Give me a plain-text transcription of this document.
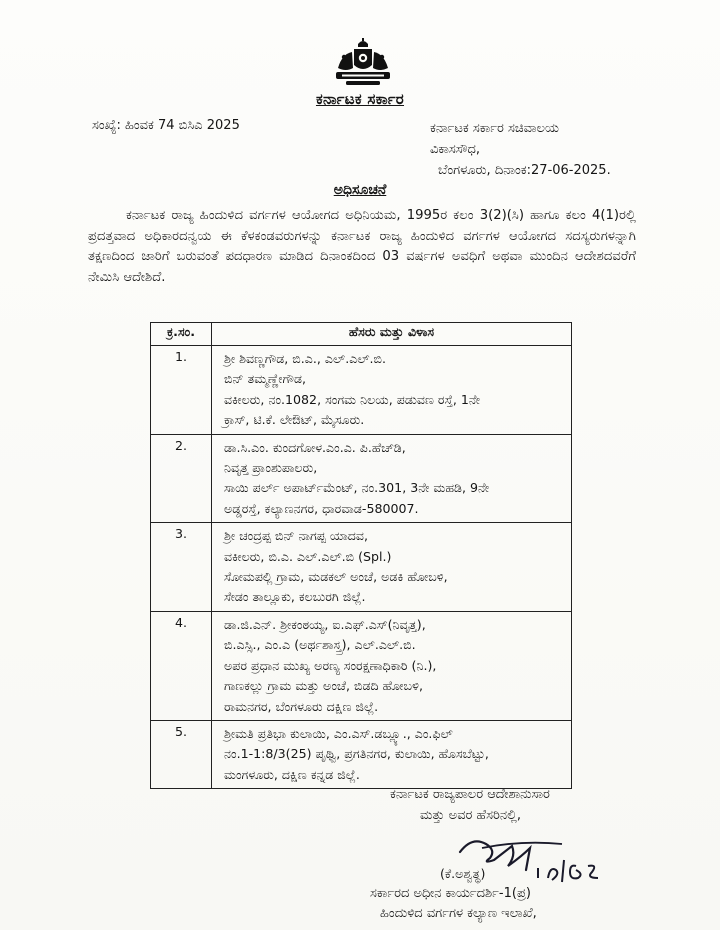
ಕರ್ನಾಟಕ ಸರ್ಕಾರ
ಸಂಖ್ಯೆ: ಹಿಂವಕ 74 ಬಿಸಿಎ 2025	ಕರ್ನಾಟಕ ಸರ್ಕಾರ ಸಚಿವಾಲಯ
ವಿಕಾಸಸೌಧ,
ಬೆಂಗಳೂರು, ದಿನಾಂಕ:27-06-2025.
ಅಧಿಸೂಚನೆ
ಕರ್ನಾಟಕ ರಾಜ್ಯ ಹಿಂದುಳಿದ ವರ್ಗಗಳ ಆಯೋಗದ ಅಧಿನಿಯಮ, 1995ರ ಕಲಂ 3(2)(ಸಿ) ಹಾಗೂ ಕಲಂ 4(1)ರಲ್ಲಿ ಪ್ರದತ್ತವಾದ ಅಧಿಕಾರದನ್ವಯ ಈ ಕೆಳಕಂಡವರುಗಳನ್ನು ಕರ್ನಾಟಕ ರಾಜ್ಯ ಹಿಂದುಳಿದ ವರ್ಗಗಳ ಆಯೋಗದ ಸದಸ್ಯರುಗಳನ್ನಾಗಿ ತಕ್ಷಣದಿಂದ ಜಾರಿಗೆ ಬರುವಂತೆ ಪದಧಾರಣ ಮಾಡಿದ ದಿನಾಂಕದಿಂದ 03 ವರ್ಷಗಳ ಅವಧಿಗೆ ಅಥವಾ ಮುಂದಿನ ಆದೇಶದವರೆಗೆ ನೇಮಿಸಿ ಆದೇಶಿದೆ.
ಕ್ರ.ಸಂ.	ಹೆಸರು ಮತ್ತು ವಿಳಾಸ
1.	ಶ್ರೀ ಶಿವಣ್ಣಗೌಡ, ಬಿ.ಎ., ಎಲ್.ಎಲ್.ಬಿ.
ಬಿನ್ ತಮ್ಮಣ್ಣೇಗೌಡ,
ವಕೀಲರು, ನಂ.1082, ಸಂಗಮ ನಿಲಯ, ಪಡುವಣ ರಸ್ತೆ, 1ನೇ
ಕ್ರಾಸ್, ಟಿ.ಕೆ. ಲೇಔಟ್, ಮೈಸೂರು.

2.	ಡಾ.ಸಿ.ಎಂ. ಕುಂದಗೋಳ.ಎಂ.ಎ. ಪಿ.ಹೆಚ್‌ಡಿ,
ನಿವೃತ್ತ ಪ್ರಾಂಶುಪಾಲರು,
ಸಾಯಿ ಪರ್ಲ್ ಅಪಾರ್ಟ್‌ಮೆಂಟ್, ನಂ.301, 3ನೇ ಮಹಡಿ, 9ನೇ
ಅಡ್ಡರಸ್ತೆ, ಕಲ್ಯಾಣನಗರ, ಧಾರವಾಡ-580007.

3.	ಶ್ರೀ ಚಂದ್ರಪ್ಪ ಬಿನ್ ನಾಗಪ್ಪ ಯಾದವ,
ವಕೀಲರು, ಬಿ.ಎ. ಎಲ್.ಎಲ್.ಬಿ (Spl.)
ಸೋಮಪಲ್ಲಿ ಗ್ರಾಮ, ಮಡಕಲ್ ಅಂಚೆ, ಅಡಕಿ ಹೋಬಳಿ,
ಸೇಡಂ ತಾಲ್ಲೂಕು, ಕಲಬುರಗಿ ಜಿಲ್ಲೆ.

4.	ಡಾ.ಜಿ.ಎನ್. ಶ್ರೀಕಂಠಯ್ಯ, ಐ.ಎಫ್.ಎಸ್(ನಿವೃತ್ತ),
ಬಿ.ಎಸ್ಸಿ., ಎಂ.ಎ (ಅರ್ಥಶಾಸ್ತ್ರ), ಎಲ್.ಎಲ್.ಬಿ.
ಅಪರ ಪ್ರಧಾನ ಮುಖ್ಯ ಅರಣ್ಯ ಸಂರಕ್ಷಣಾಧಿಕಾರಿ (ನಿ.),
ಗಾಣಕಲ್ಲು ಗ್ರಾಮ ಮತ್ತು ಅಂಚೆ, ಬಿಡದಿ ಹೋಬಳಿ,
ರಾಮನಗರ, ಬೆಂಗಳೂರು ದಕ್ಷಿಣ ಜಿಲ್ಲೆ.

5.	ಶ್ರೀಮತಿ ಪ್ರತಿಭಾ ಕುಲಾಯಿ, ಎಂ.ಎಸ್.ಡಬ್ಲ್ಯೂ., ಎಂ.ಫಿಲ್
ನಂ.1-1:8/3(25) ಪೃಥ್ವಿ, ಪ್ರಗತಿನಗರ, ಕುಲಾಯಿ, ಹೊಸಬೆಟ್ಟು,
ಮಂಗಳೂರು, ದಕ್ಷಿಣ ಕನ್ನಡ ಜಿಲ್ಲೆ.
ಕರ್ನಾಟಕ ರಾಜ್ಯಪಾಲರ ಆದೇಶಾನುಸಾರ
ಮತ್ತು ಅವರ ಹೆಸರಿನಲ್ಲಿ,
(ಕೆ.ಅಶ್ವತ್ಥ)
ಸರ್ಕಾರದ ಅಧೀನ ಕಾರ್ಯದರ್ಶಿ-1(ಪ್ರ)
ಹಿಂದುಳಿದ ವರ್ಗಗಳ ಕಲ್ಯಾಣ ಇಲಾಖೆ,
